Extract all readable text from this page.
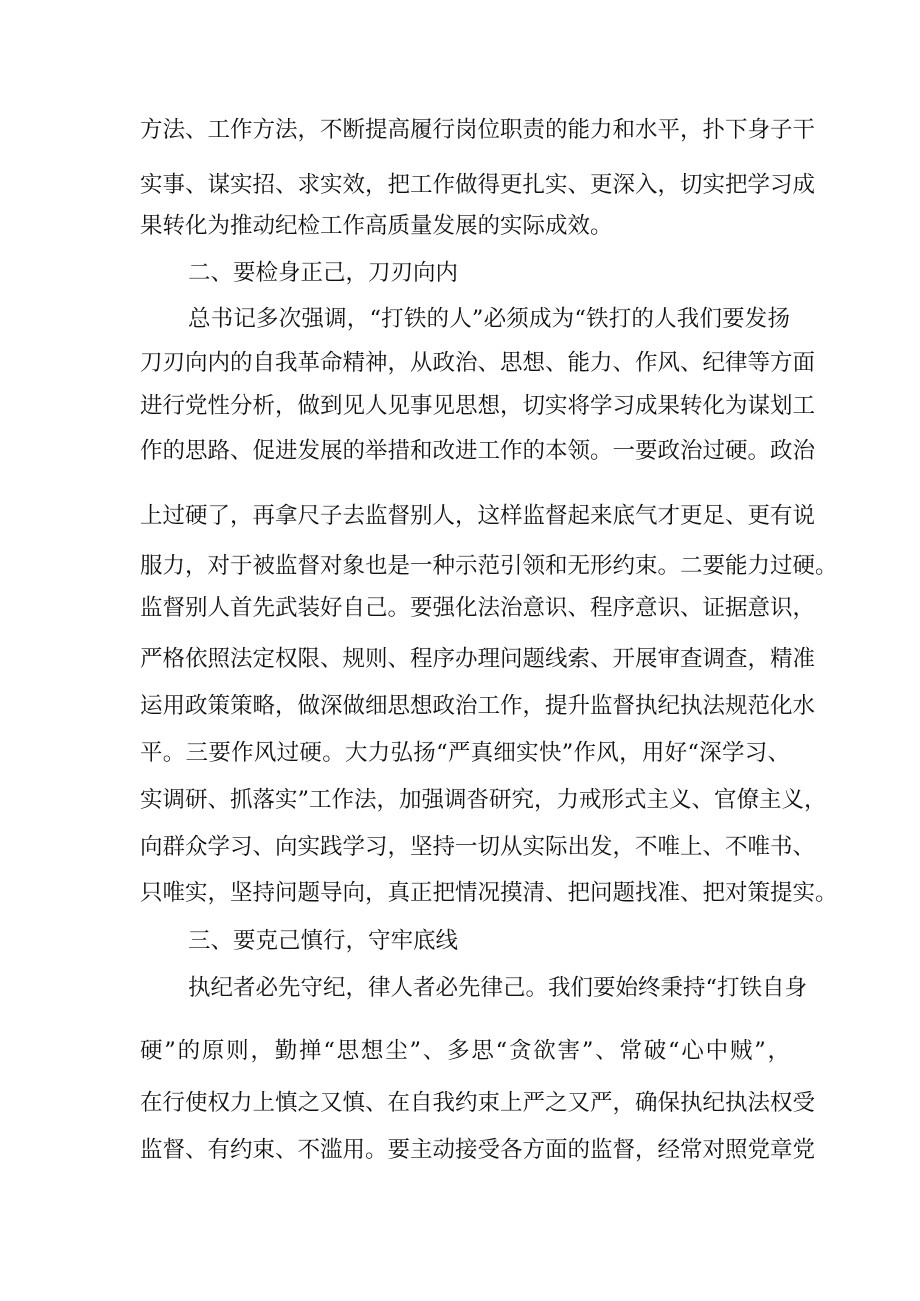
方法、工作方法，不断提高履行岗位职责的能力和水平，扑下身子干
实事、谋实招、求实效，把工作做得更扎实、更深入，切实把学习成
果转化为推动纪检工作高质量发展的实际成效。
二、要检身正己，刀刃向内
总书记多次强调，“打铁的人”必须成为“铁打的人我们要发扬
刀刃向内的自我革命精神，从政治、思想、能力、作风、纪律等方面
进行党性分析，做到见人见事见思想，切实将学习成果转化为谋划工
作的思路、促进发展的举措和改进工作的本领。一要政治过硬。政治
上过硬了，再拿尺子去监督别人，这样监督起来底气才更足、更有说
服力，对于被监督对象也是一种示范引领和无形约束。二要能力过硬。
监督别人首先武装好自己。要强化法治意识、程序意识、证据意识，
严格依照法定权限、规则、程序办理问题线索、开展审查调查，精准
运用政策策略，做深做细思想政治工作，提升监督执纪执法规范化水
平。三要作风过硬。大力弘扬“严真细实快”作风，用好“深学习、
实调研、抓落实”工作法，加强调沓研究，力戒形式主义、官僚主义，
向群众学习、向实践学习，坚持一切从实际出发，不唯上、不唯书、
只唯实，坚持问题导向，真正把情况摸清、把问题找准、把对策提实。
三、要克己慎行，守牢底线
执纪者必先守纪，律人者必先律己。我们要始终秉持“打铁自身
硬”的原则，勤掸“思想尘”、多思“贪欲害”、常破“心中贼”，
在行使权力上慎之又慎、在自我约束上严之又严，确保执纪执法权受
监督、有约束、不滥用。要主动接受各方面的监督，经常对照党章党
